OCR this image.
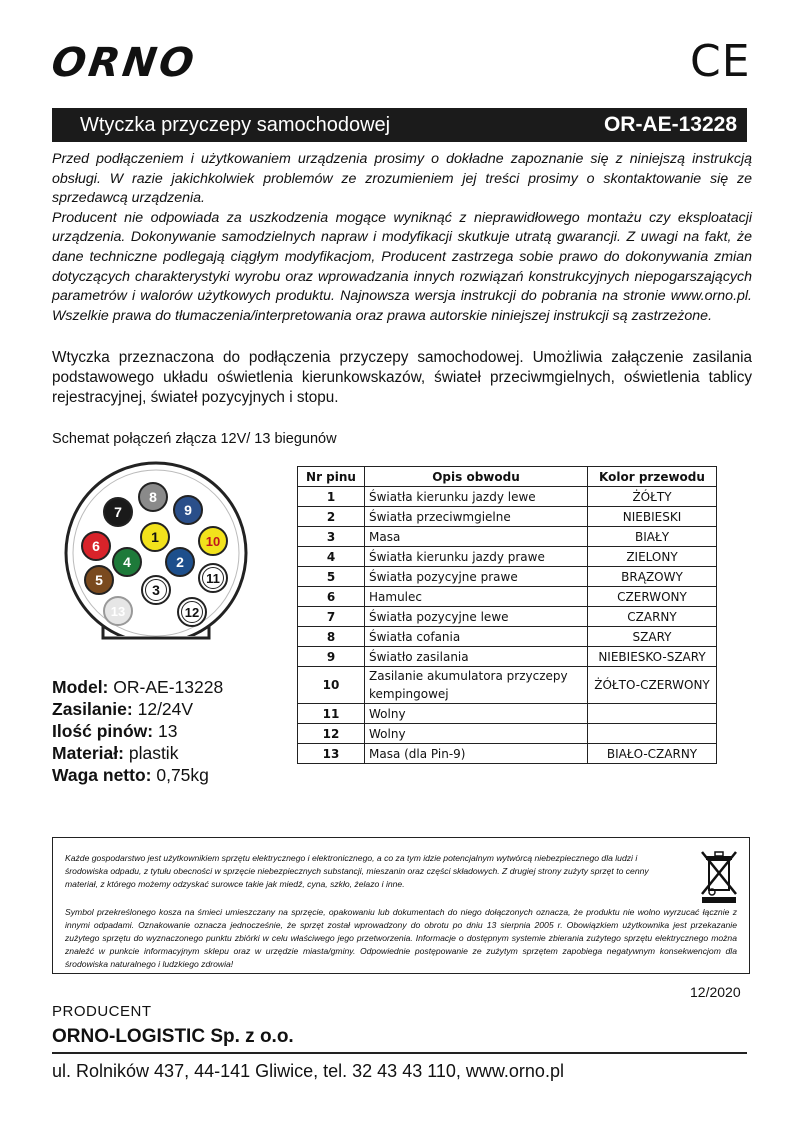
ORNO	CE
Wtyczka przyczepy samochodowej	OR-AE-13228

Przed podłączeniem i użytkowaniem urządzenia prosimy o dokładne zapoznanie się z niniejszą instrukcją obsługi. W razie jakichkolwiek problemów ze zrozumieniem jej treści prosimy o skontaktowanie się ze sprzedawcą urządzenia.

Producent nie odpowiada za uszkodzenia mogące wyniknąć z nieprawidłowego montażu czy eksploatacji urządzenia. Dokonywanie samodzielnych napraw i modyfikacji skutkuje utratą gwarancji. Z uwagi na fakt, że dane techniczne podlegają ciągłym modyfikacjom, Producent zastrzega sobie prawo do dokonywania zmian dotyczących charakterystyki wyrobu oraz wprowadzania innych rozwiązań konstrukcyjnych niepogarszających parametrów i walorów użytkowych produktu. Najnowsza wersja instrukcji do pobrania na stronie www.orno.pl. Wszelkie prawa do tłumaczenia/interpretowania oraz prawa autorskie niniejszej instrukcji są zastrzeżone.

Wtyczka przeznaczona do podłączenia przyczepy samochodowej. Umożliwia załączenie zasilania podstawowego układu oświetlenia kierunkowskazów, świateł przeciwmgielnych, oświetlenia tablicy rejestracyjnej, świateł pozycyjnych i stopu.
Schemat połączeń złącza 12V/ 13 biegunów
1
2
3
4
5
6
7
8
9
10
11
12
13
Model: OR-AE-13228
Zasilanie: 12/24V
Ilość pinów: 13
Materiał: plastik
Waga netto: 0,75kg
Nr pinu	Opis obwodu	Kolor przewodu
1	Światła kierunku jazdy lewe	ŻÓŁTY
2	Światła przeciwmgielne	NIEBIESKI
3	Masa	BIAŁY
4	Światła kierunku jazdy prawe	ZIELONY
5	Światła pozycyjne prawe	BRĄZOWY
6	Hamulec	CZERWONY
7	Światła pozycyjne lewe	CZARNY
8	Światła cofania	SZARY
9	Światło zasilania	NIEBIESKO-SZARY
10	Zasilanie akumulatora przyczepy kempingowej	ŻÓŁTO-CZERWONY
11	Wolny	
12	Wolny	
13	Masa (dla Pin-9)	BIAŁO-CZARNY
Każde gospodarstwo jest użytkownikiem sprzętu elektrycznego i elektronicznego, a co za tym idzie potencjalnym wytwórcą niebezpiecznego dla ludzi i środowiska odpadu, z tytułu obecności w sprzęcie niebezpiecznych substancji, mieszanin oraz części składowych. Z drugiej strony zużyty sprzęt to cenny materiał, z którego możemy odzyskać surowce takie jak miedź, cyna, szkło, żelazo i inne.
Symbol przekreślonego kosza na śmieci umieszczany na sprzęcie, opakowaniu lub dokumentach do niego dołączonych oznacza, że produktu nie wolno wyrzucać łącznie z innymi odpadami. Oznakowanie oznacza jednocześnie, że sprzęt został wprowadzony do obrotu po dniu 13 sierpnia 2005 r. Obowiązkiem użytkownika jest przekazanie zużytego sprzętu do wyznaczonego punktu zbiórki w celu właściwego jego przetworzenia. Informacje o dostępnym systemie zbierania zużytego sprzętu elektrycznego można znaleźć w punkcie informacyjnym sklepu oraz w urzędzie miasta/gminy. Odpowiednie postępowanie ze zużytym sprzętem zapobiega negatywnym konsekwencjom dla środowiska naturalnego i ludzkiego zdrowia!
12/2020
PRODUCENT
ORNO-LOGISTIC Sp. z o.o.
ul. Rolników 437, 44-141 Gliwice, tel. 32 43 43 110, www.orno.pl
